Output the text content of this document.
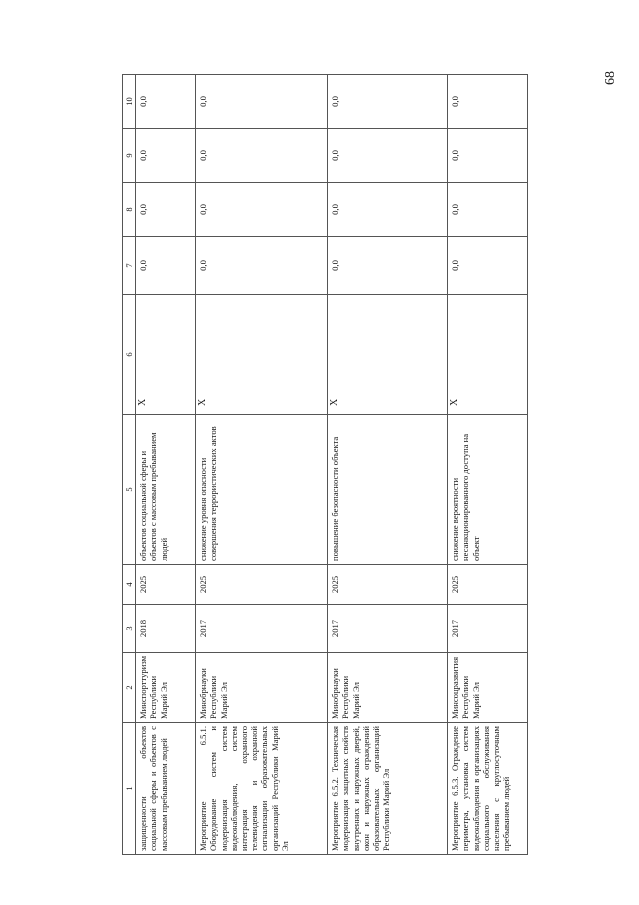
68
1	2	3	4	5	6	7	8	9	10
защищенности объектов социальной сферы и объектов с массовым пребыванием людей	Минспорттуризм Республики Марий Эл	2018	2025	объектов социальной сферы и объектов с массовым пребыванием людей	X	0,0	0,0	0,0	0,0
Мероприятие 6.5.1. Оборудование систем и модернизация систем видеонаблюдения, систем интеграция охранного телевидения и охранной сигнализации образовательных организаций Республики Марий Эл	Минобрнауки Республики Марий Эл	2017	2025	снижение уровня опасности совершения террористических актов	X	0,0	0,0	0,0	0,0
Мероприятие 6.5.2. Техническая модернизация защитных свойств внутренних и наружных дверей, окон и наружных ограждений образовательных организаций Республики Марий Эл	Минобрнауки Республики Марий Эл	2017	2025	повышение безопасности объекта	X	0,0	0,0	0,0	0,0
Мероприятие 6.5.3. Ограждение периметра, установка систем видеонаблюдения в организациях социального обслуживания населения с круглосуточным пребыванием людей	Минсоцразвития Республики Марий Эл	2017	2025	снижение вероятности несанкционированного доступа на объект	X	0,0	0,0	0,0	0,0
